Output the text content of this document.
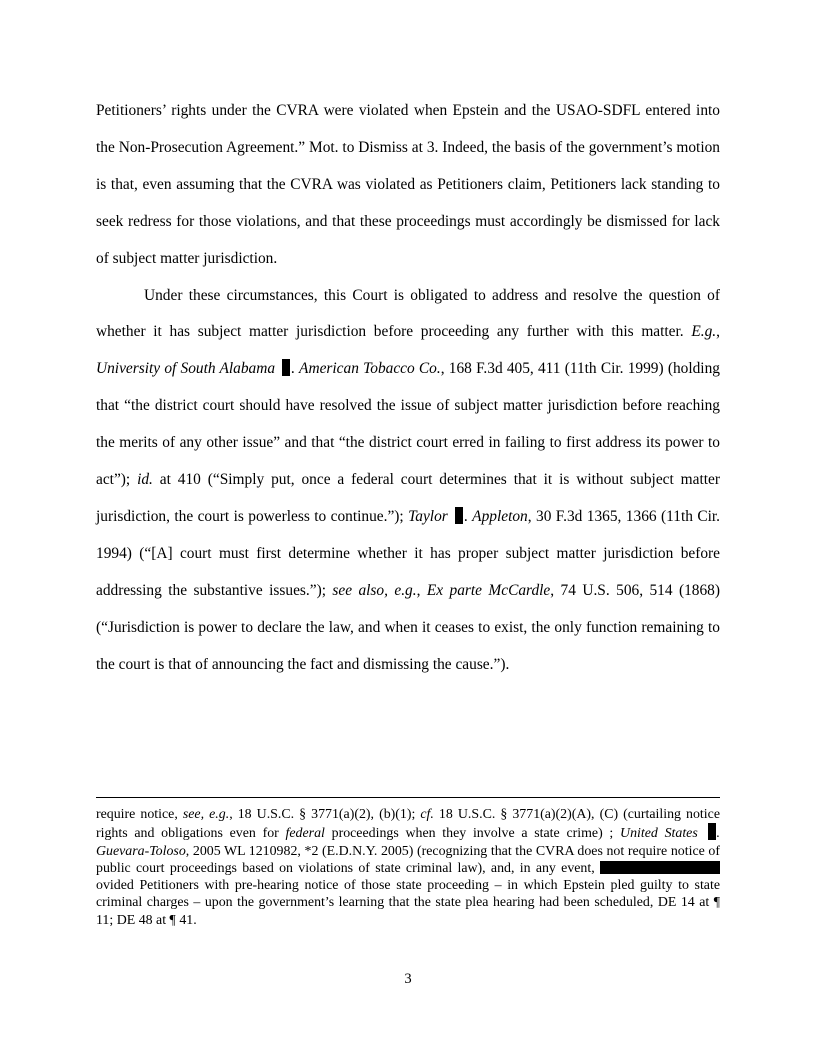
Petitioners’ rights under the CVRA were violated when Epstein and the USAO-SDFL entered into the Non-Prosecution Agreement.” Mot. to Dismiss at 3. Indeed, the basis of the government’s motion is that, even assuming that the CVRA was violated as Petitioners claim, Petitioners lack standing to seek redress for those violations, and that these proceedings must accordingly be dismissed for lack of subject matter jurisdiction.

Under these circumstances, this Court is obligated to address and resolve the question of whether it has subject matter jurisdiction before proceeding any further with this matter. E.g., University of South Alabama . American Tobacco Co., 168 F.3d 405, 411 (11th Cir. 1999) (holding that “the district court should have resolved the issue of subject matter jurisdiction before reaching the merits of any other issue” and that “the district court erred in failing to first address its power to act”); id. at 410 (“Simply put, once a federal court determines that it is without subject matter jurisdiction, the court is powerless to continue.”); Taylor . Appleton, 30 F.3d 1365, 1366 (11th Cir. 1994) (“[A] court must first determine whether it has proper subject matter jurisdiction before addressing the substantive issues.”); see also, e.g., Ex parte McCardle, 74 U.S. 506, 514 (1868) (“Jurisdiction is power to declare the law, and when it ceases to exist, the only function remaining to the court is that of announcing the fact and dismissing the cause.”).

require notice, see, e.g., 18 U.S.C. § 3771(a)(2), (b)(1); cf. 18 U.S.C. § 3771(a)(2)(A), (C) (curtailing notice rights and obligations even for federal proceedings when they involve a state crime) ; United States . Guevara-Toloso, 2005 WL 1210982, *2 (E.D.N.Y. 2005) (recognizing that the CVRA does not require notice of public court proceedings based on violations of state criminal law), and, in any event, ovided Petitioners with pre-hearing notice of those state proceeding – in which Epstein pled guilty to state criminal charges – upon the government’s learning that the state plea hearing had been scheduled, DE 14 at ¶ 11; DE 48 at ¶ 41.

3
